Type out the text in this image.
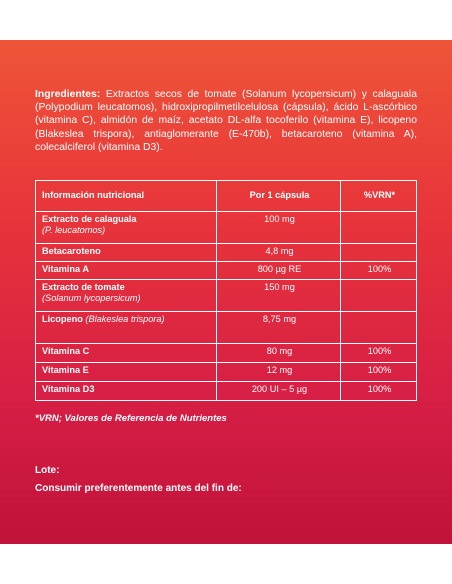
Ingredientes: Extractos secos de tomate (Solanum lycopersicum) y calaguala (Polypodium leucatomos), hidroxipropilmetilcelulosa (cápsula), ácido L-ascórbico (vitamina C), almidón de maíz, acetato DL-alfa tocoferilo (vitamina E), licopeno (Blakeslea trispora), antiaglomerante (E-470b), betacaroteno (vitamina A), colecalciferol (vitamina D3).
Información nutricional	Por 1 cápsula	%VRN*
Extracto de calaguala
(P. leucatomos)	100 mg	
Betacaroteno	4,8 mg	
Vitamina A	800 µg RE	100%
Extracto de tomate
(Solanum lycopersicum)	150 mg	
Licopeno (Blakeslea trispora)	8,75 mg	
Vitamina C	80 mg	100%
Vitamina E	12 mg	100%
Vitamina D3	200 UI – 5 µg	100%
*VRN; Valores de Referencia de Nutrientes
Lote:
Consumir preferentemente antes del fin de:
